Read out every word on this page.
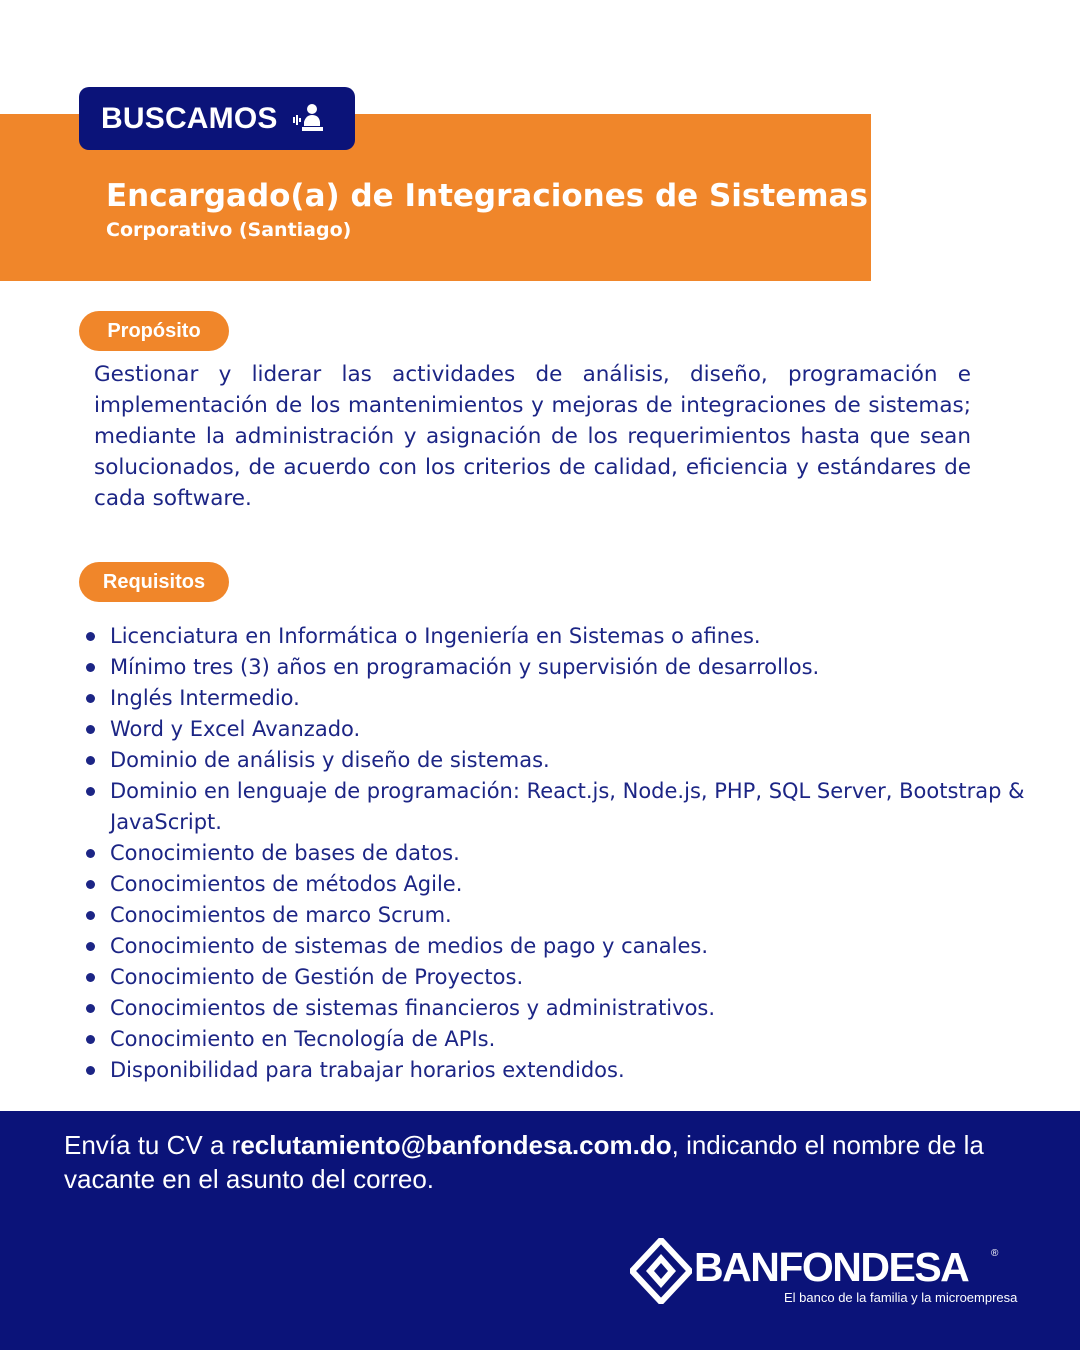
BUSCAMOS
Encargado(a) de Integraciones de Sistemas
Corporativo (Santiago)
Propósito

Gestionar y liderar las actividades de análisis, diseño, programación e implementación de los mantenimientos y mejoras de integraciones de sistemas; mediante la administración y asignación de los requerimientos hasta que sean solucionados, de acuerdo con los criterios de calidad, eficiencia y estándares de cada software.

Requisitos
Licenciatura en Informática o Ingeniería en Sistemas o afines.
Mínimo tres (3) años en programación y supervisión de desarrollos.
Inglés Intermedio.
Word y Excel Avanzado.
Dominio de análisis y diseño de sistemas.
Dominio en lenguaje de programación: React.js, Node.js, PHP, SQL Server, Bootstrap & JavaScript.
Conocimiento de bases de datos.
Conocimientos de métodos Agile.
Conocimientos de marco Scrum.
Conocimiento de sistemas de medios de pago y canales.
Conocimiento de Gestión de Proyectos.
Conocimientos de sistemas financieros y administrativos.
Conocimiento en Tecnología de APIs.
Disponibilidad para trabajar horarios extendidos.

Envía tu CV a reclutamiento@banfondesa.com.do, indicando el nombre de la vacante en el asunto del correo.

BANFONDESA ®
El banco de la familia y la microempresa
